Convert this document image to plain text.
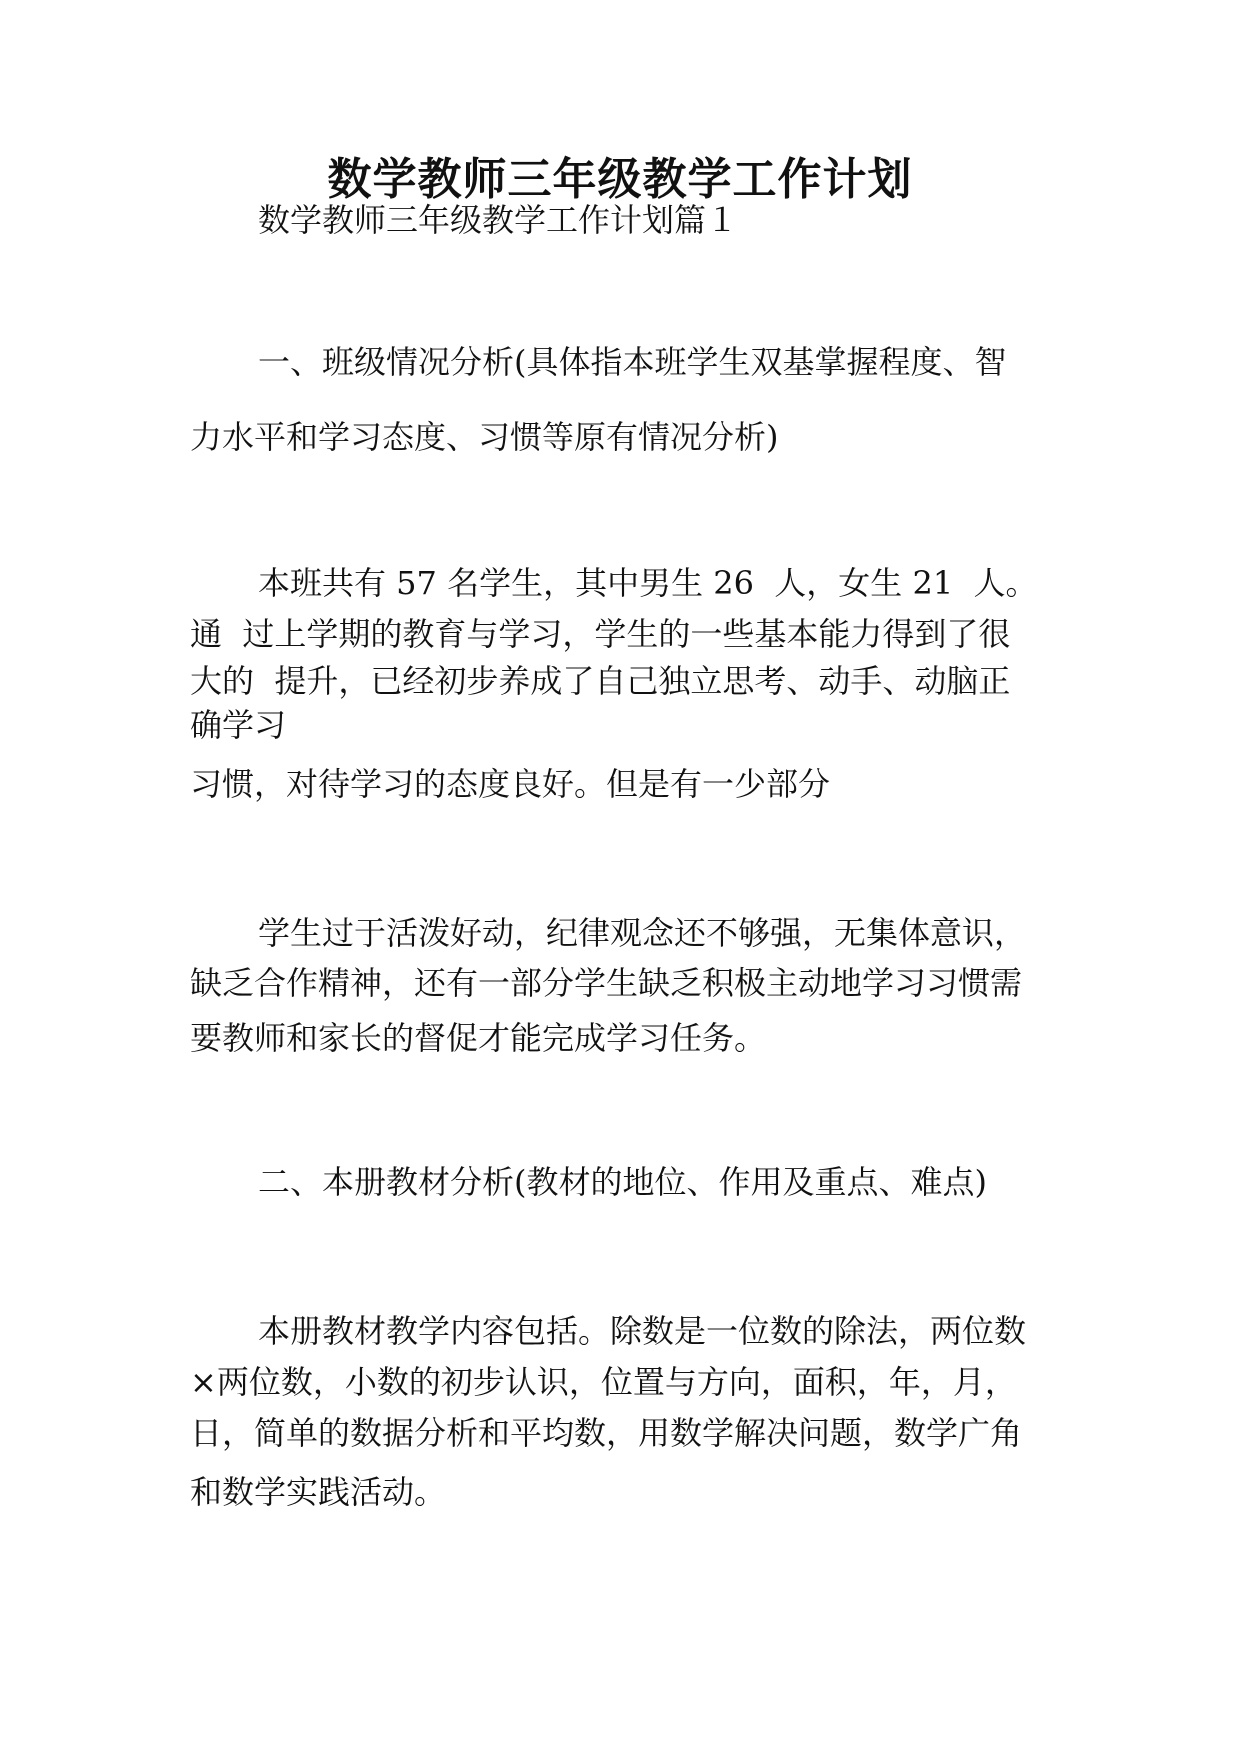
数学教师三年级教学工作计划
数学教师三年级教学工作计划篇１
一、班级情况分析(具体指本班学生双基掌握程度、智
力水平和学习态度、习惯等原有情况分析)
本班共有 57 名学生，其中男生 26  人，女生 21  人。
通  过上学期的教育与学习，学生的一些基本能力得到了很
大的  提升，已经初步养成了自己独立思考、动手、动脑正
确学习
习惯，对待学习的态度良好。但是有一少部分
学生过于活泼好动，纪律观念还不够强，无集体意识，
缺乏合作精神，还有一部分学生缺乏积极主动地学习习惯需
要教师和家长的督促才能完成学习任务。
二、本册教材分析(教材的地位、作用及重点、难点)
本册教材教学内容包括。除数是一位数的除法，两位数
×两位数，小数的初步认识，位置与方向，面积，年，月，
日，简单的数据分析和平均数，用数学解决问题，数学广角
和数学实践活动。
